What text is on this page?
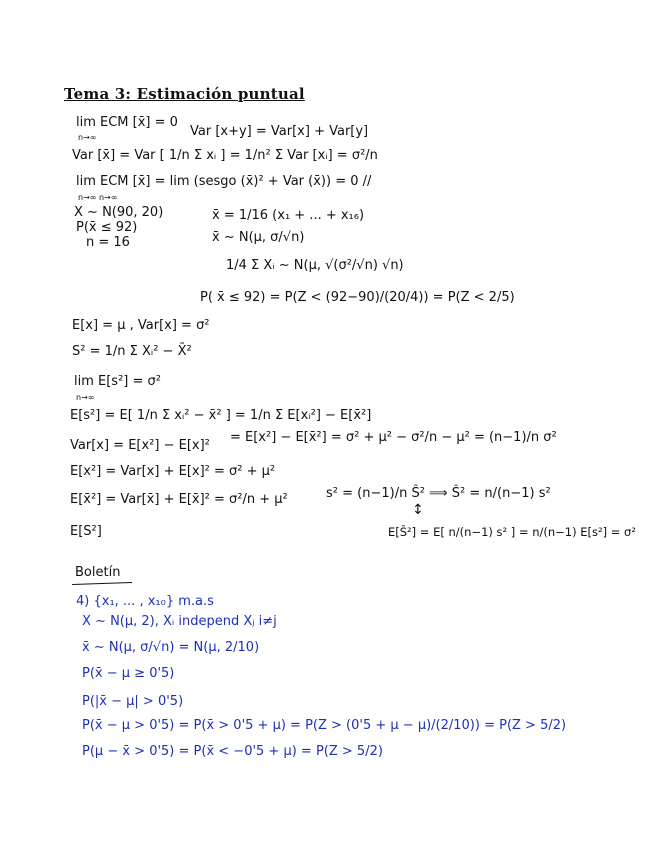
Tema 3: Estimación puntual
lim ECM [x̄] = 0
n→∞	Var [x+y] = Var[x] + Var[y]
Var [x̄] = Var [ 1/n Σ xᵢ ] = 1/n² Σ Var [xᵢ] = σ²/n
lim ECM [x̄] = lim (sesgo (x̄)² + Var (x̄)) = 0 //
n→∞ n→∞
X ∼ N(90, 20)
P(x̄ ≤ 92)
n = 16
x̄ = 1/16 (x₁ + ... + x₁₆)
x̄ ∼ N(μ, σ/√n)
1/4 Σ Xᵢ ∼ N(μ, √(σ²/√n) √n)
P( x̄ ≤ 92) = P(Z < (92−90)/(20/4)) = P(Z < 2/5)
E[x] = μ , Var[x] = σ²
S² = 1/n Σ Xᵢ² − X̄²
lim E[s²] = σ²
n→∞
E[s²] = E[ 1/n Σ xᵢ² − x̄² ] = 1/n Σ E[xᵢ²] − E[x̄²]
Var[x] = E[x²] − E[x]²
= E[x²] − E[x̄²] = σ² + μ² − σ²/n − μ² = (n−1)/n σ²
E[x²] = Var[x] + E[x]² = σ² + μ²
E[x̄²] = Var[x̄] + E[x̄]² = σ²/n + μ²
E[S²]
s² = (n−1)/n Ŝ² ⟹ Ŝ² = n/(n−1) s²
↕
E[Ŝ²] = E[ n/(n−1) s² ] = n/(n−1) E[s²] = σ²
Boletín
4) {x₁, ... , x₁₀} m.a.s
X ∼ N(μ, 2), Xᵢ independ Xⱼ i≠j
x̄ ∼ N(μ, σ/√n) = N(μ, 2/10)
P(x̄ − μ ≥ 0'5)
P(|x̄ − μ| > 0'5)
P(x̄ − μ > 0'5) = P(x̄ > 0'5 + μ) = P(Z > (0'5 + μ − μ)/(2/10)) = P(Z > 5/2)
P(μ − x̄ > 0'5) = P(x̄ < −0'5 + μ) = P(Z > 5/2)
